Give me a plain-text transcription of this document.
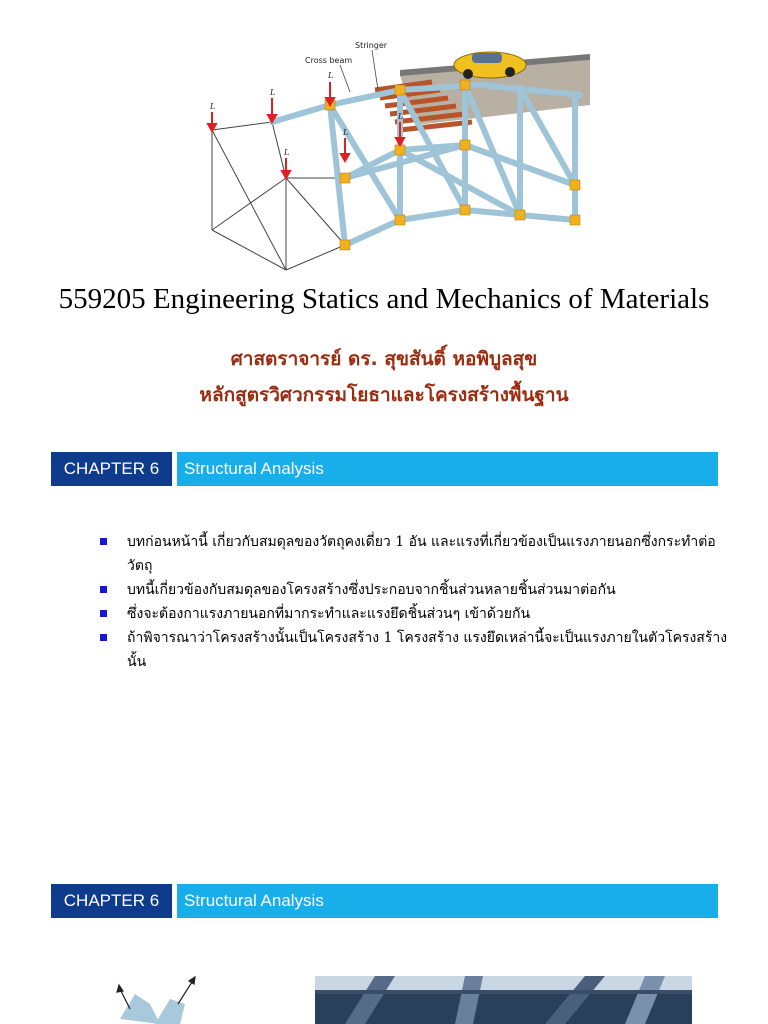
L
L
L
L
L
L
Stringer
Cross beam
559205 Engineering Statics and Mechanics of Materials
ศาสตราจารย์ ดร. สุขสันติ์ หอพิบูลสุข
หลักสูตรวิศวกรรมโยธาและโครงสร้างพื้นฐาน
CHAPTER 6	Structural Analysis
บทก่อนหน้านี้ เกี่ยวกับสมดุลของวัตถุคงเดี่ยว 1 อัน และแรงที่เกี่ยวข้องเป็นแรงภายนอกซึ่งกระทำต่อวัตถุ
บทนี้เกี่ยวข้องกับสมดุลของโครงสร้างซึ่งประกอบจากชิ้นส่วนหลายชิ้นส่วนมาต่อกัน
ซึ่งจะต้องกาแรงภายนอกที่มากระทำและแรงยึดชิ้นส่วนๆ เข้าด้วยกัน
ถ้าพิจารณาว่าโครงสร้างนั้นเป็นโครงสร้าง 1 โครงสร้าง แรงยึดเหล่านี้จะเป็นแรงภายในตัวโครงสร้างนั้น
CHAPTER 6	Structural Analysis
